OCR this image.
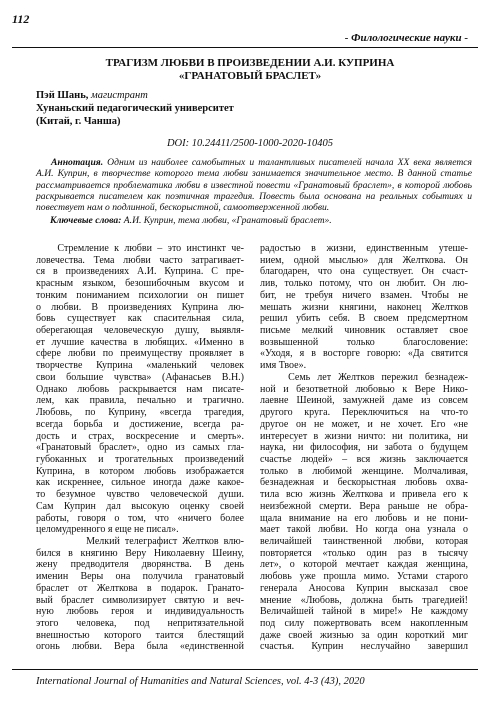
112
- Филологические науки -
ТРАГИЗМ ЛЮБВИ В ПРОИЗВЕДЕНИИ А.И. КУПРИНА
«ГРАНАТОВЫЙ БРАСЛЕТ»
Пэй Шань, магистрант
Хунаньский педагогический университет
(Китай, г. Чанша)
DOI: 10.24411/2500-1000-2020-10405
Аннотация. Одним из наиболее самобытных и талантливых писателей начала XX века является А.И. Куприн, в творчестве которого тема любви занимается значительное место. В данной статье рассматривается проблематика любви в известной повести «Гранатовый браслет», в которой любовь раскрывается писателем как поэтичная трагедия. Повесть была основана на реальных событиях и повествует нам о подлинной, бескорыстной, самоотверженной любви.
Ключевые слова: А.И. Куприн, тема любви, «Гранатовый браслет».
Стремление к любви – это инстинкт че-
ловечества. Тема любви часто затрагивает-
ся в произведениях А.И. Куприна. С пре-
красным языком, безошибочным вкусом и
тонким пониманием психологии он пишет
о любви. В произведениях Куприна лю-
бовь существует как спасительная сила,
оберегающая человеческую душу, выявля-
ет лучшие качества в любящих. «Именно в
сфере любви по преимуществу проявляет в
творчестве Куприна «маленький человек
свои большие чувства» (Афанасьев В.Н.)
Однако любовь раскрывается нам писате-
лем, как правила, печально и трагично.
Любовь, по Куприну, «всегда трагедия,
всегда борьба и достижение, всегда ра-
дость и страх, воскресение и смерть».
«Гранатовый браслет», одно из самых гла-
губоканных и трогательных произведений
Куприна, в котором любовь изображается
как искреннее, сильное иногда даже какое-
то безумное чувство человеческой души.
Сам Куприн дал высокую оценку своей
работы, говоря о том, что «ничего более
целомудренного я еще не писал».
Мелкий телеграфист Желтков влю-
бился в княгиню Веру Николаевну Шеину,
жену предводителя дворянства. В день
именин Веры она получила гранатовый
браслет от Желткова в подарок. Гранато-
вый браслет символизирует святую и веч-
ную любовь героя и индивидуальность
этого человека, под непритязательной
внешностью которого таится блестящий
огонь любви. Вера была «единственной
радостью в жизни, единственным утеше-
нием, одной мыслью» для Желткова. Он
благодарен, что она существует. Он счаст-
лив, только потому, что он любит. Он лю-
бит, не требуя ничего взамен. Чтобы не
мешать жизни княгини, наконец Желтков
решил убить себя. В своем предсмертном
письме мелкий чиновник оставляет свое
возвышенной только благословение:
«Уходя, я в восторге говорю: «Да святится
имя Твое».
Семь лет Желтков пережил безнадеж-
ной и безответной любовью к Вере Нико-
лаевне Шеиной, замужней даме из совсем
другого круга. Переключиться на что-то
другое он не может, и не хочет. Его «не
интересует в жизни ничто: ни политика, ни
наука, ни философия, ни забота о будущем
счастье людей» – вся жизнь заключается
только в любимой женщине. Молчаливая,
безнадежная и бескорыстная любовь охва-
тила всю жизнь Желткова и привела его к
неизбежной смерти. Вера раньше не обра-
щала внимание на его любовь и не пони-
мает такой любви. Но когда она узнала о
величайшей таинственной любви, которая
повторяется «только один раз в тысячу
лет», о которой мечтает каждая женщина,
любовь уже прошла мимо. Устами старого
генерала Аносова Куприн высказал свое
мнение «Любовь, должна быть трагедией!
Величайшей тайной в мире!» Не каждому
под силу пожертвовать всем накопленным
даже своей жизнью за один короткий миг
счастья. Куприн неслучайно завершил
International Journal of Humanities and Natural Sciences, vol. 4-3 (43), 2020
